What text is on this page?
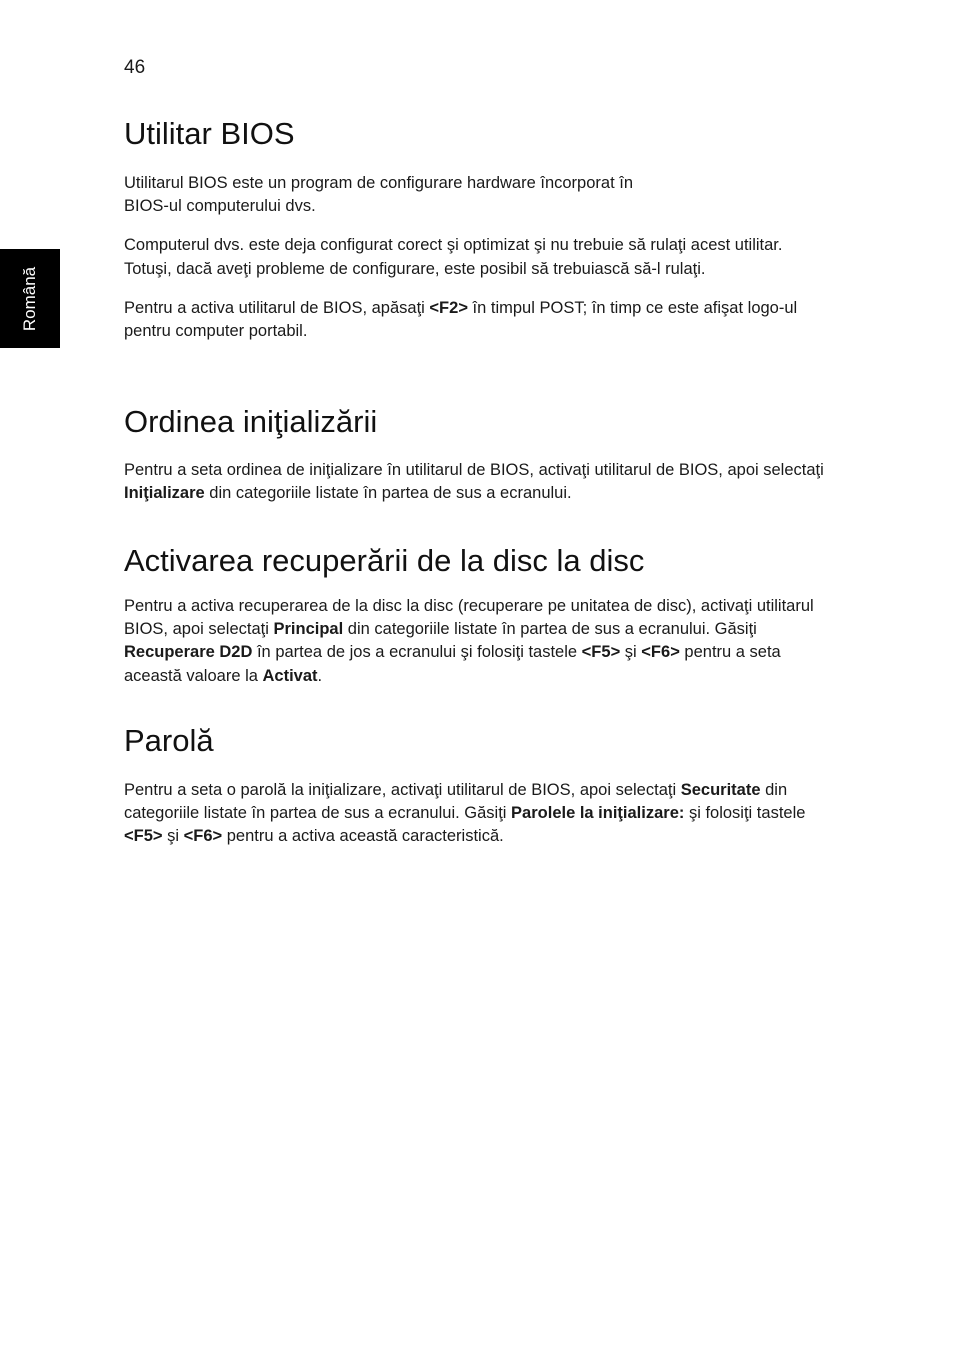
46
Română
Utilitar BIOS

Utilitarul BIOS este un program de configurare hardware încorporat în
BIOS-ul computerului dvs.

Computerul dvs. este deja configurat corect şi optimizat şi nu trebuie să rulaţi acest utilitar. Totuşi, dacă aveţi probleme de configurare, este posibil să trebuiască să-l rulaţi.

Pentru a activa utilitarul de BIOS, apăsaţi <F2> în timpul POST; în timp ce este afişat logo-ul pentru computer portabil.

Ordinea iniţializării

Pentru a seta ordinea de iniţializare în utilitarul de BIOS, activaţi utilitarul de BIOS, apoi selectaţi Iniţializare din categoriile listate în partea de sus a ecranului.

Activarea recuperării de la disc la disc

Pentru a activa recuperarea de la disc la disc (recuperare pe unitatea de disc), activaţi utilitarul BIOS, apoi selectaţi Principal din categoriile listate în partea de sus a ecranului. Găsiţi Recuperare D2D în partea de jos a ecranului şi folosiţi tastele <F5> şi <F6> pentru a seta această valoare la Activat.

Parolă

Pentru a seta o parolă la iniţializare, activaţi utilitarul de BIOS, apoi selectaţi Securitate din categoriile listate în partea de sus a ecranului. Găsiţi Parolele la iniţializare: şi folosiţi tastele <F5> şi <F6> pentru a activa această caracteristică.
